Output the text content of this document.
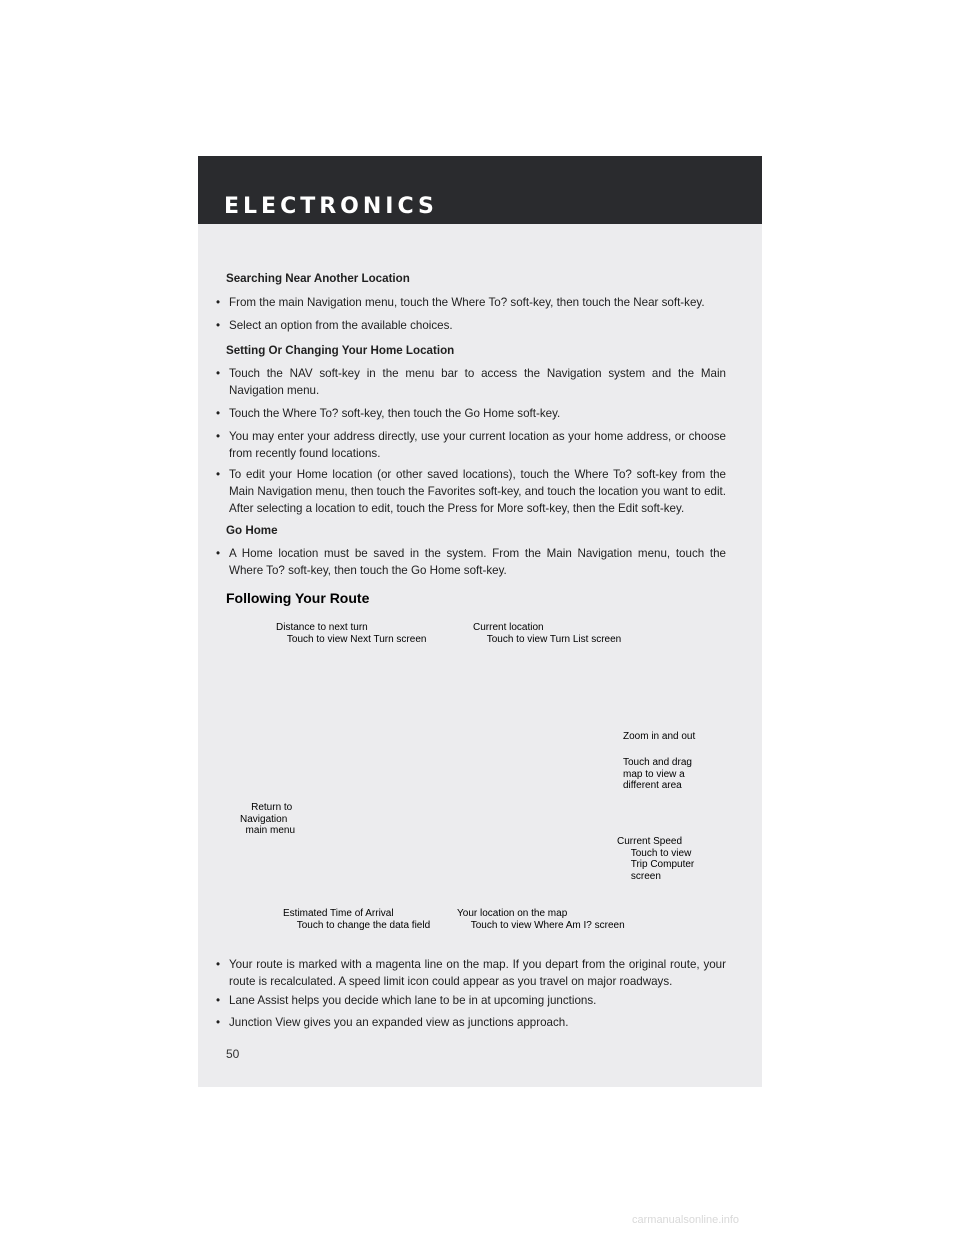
ELECTRONICS
Searching Near Another Location
• From the main Navigation menu, touch the Where To? soft-key, then touch the Near soft-key.
• Select an option from the available choices.
Setting Or Changing Your Home Location
• Touch the NAV soft-key in the menu bar to access the Navigation system and the Main Navigation menu.
• Touch the Where To? soft-key, then touch the Go Home soft-key.
• You may enter your address directly, use your current location as your home address, or choose from recently found locations.
• To edit your Home location (or other saved locations), touch the Where To? soft-key from the Main Navigation menu, then touch the Favorites soft-key, and touch the location you want to edit. After selecting a location to edit, touch the Press for More soft-key, then the Edit soft-key.
Go Home
• A Home location must be saved in the system. From the Main Navigation menu, touch the Where To? soft-key, then touch the Go Home soft-key.
Following Your Route
Distance to next turn
Touch to view Next Turn screen
Current location
Touch to view Turn List screen
Zoom in and out
Touch and drag
map to view a
different area
Return to
Navigation
main menu
Current Speed
Touch to view
Trip Computer
screen
Estimated Time of Arrival
Touch to change the data field
Your location on the map
Touch to view Where Am I? screen
• Your route is marked with a magenta line on the map. If you depart from the original route, your route is recalculated. A speed limit icon could appear as you travel on major roadways.
• Lane Assist helps you decide which lane to be in at upcoming junctions.
• Junction View gives you an expanded view as junctions approach.
50
carmanualsonline.info
